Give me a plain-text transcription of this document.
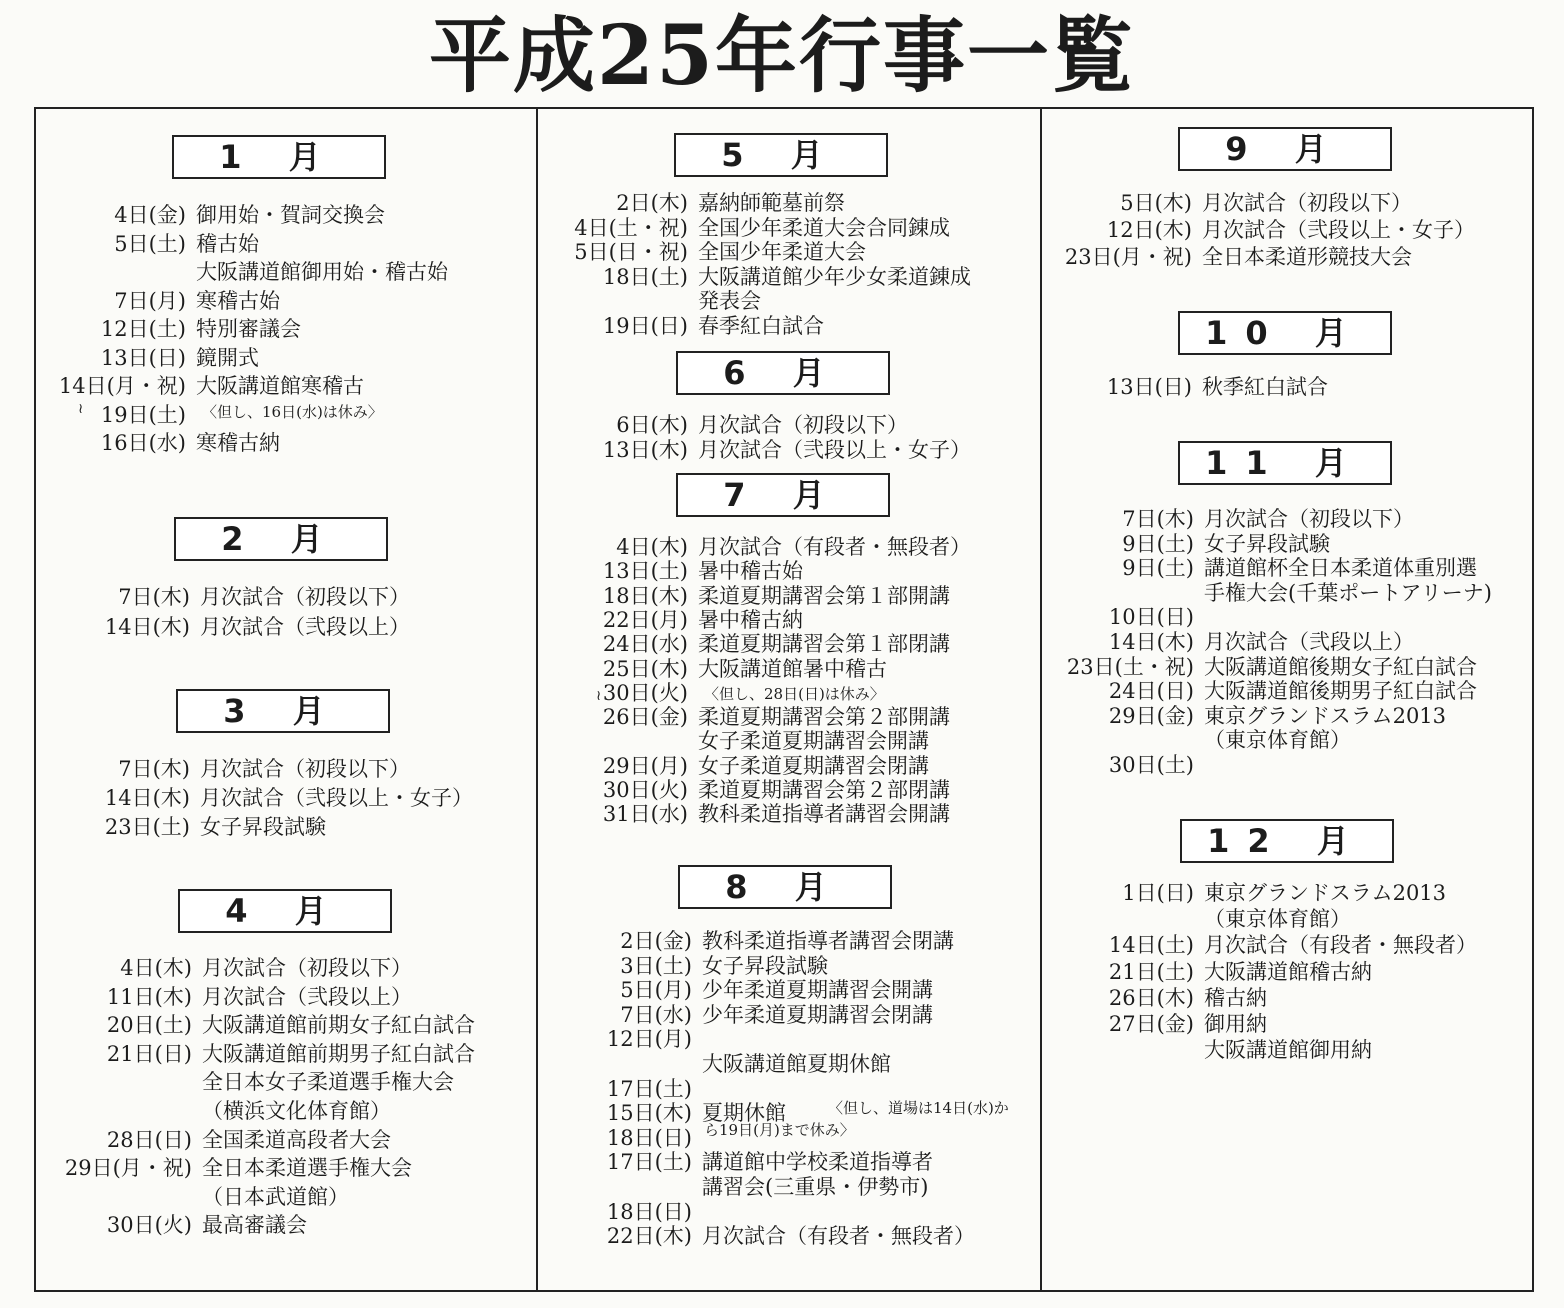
平成25年行事一覧
1 月
4日(金) 御用始・賀詞交換会
5日(土) 稽古始
大阪講道館御用始・稽古始
7日(月) 寒稽古始
12日(土) 特別審議会
13日(日) 鏡開式
14日(月・祝) 大阪講道館寒稽古
19日(土)
16日(水) 寒稽古納
〈但し、16日(水)は休み〉
≀
2 月
7日(木) 月次試合（初段以下）
14日(木) 月次試合（弐段以上）
3 月
7日(木) 月次試合（初段以下）
14日(木) 月次試合（弐段以上・女子）
23日(土) 女子昇段試験
4 月
4日(木) 月次試合（初段以下）
11日(木) 月次試合（弐段以上）
20日(土) 大阪講道館前期女子紅白試合
21日(日) 大阪講道館前期男子紅白試合
全日本女子柔道選手権大会
（横浜文化体育館）
28日(日) 全国柔道高段者大会
29日(月・祝) 全日本柔道選手権大会
（日本武道館）
30日(火) 最高審議会
5 月
2日(木) 嘉納師範墓前祭
4日(土・祝) 全国少年柔道大会合同錬成
5日(日・祝) 全国少年柔道大会
18日(土) 大阪講道館少年少女柔道錬成
発表会
19日(日) 春季紅白試合
6 月
6日(木) 月次試合（初段以下）
13日(木) 月次試合（弐段以上・女子）
7 月
4日(木) 月次試合（有段者・無段者）
13日(土) 暑中稽古始
18日(木) 柔道夏期講習会第１部開講
22日(月) 暑中稽古納
24日(水) 柔道夏期講習会第１部閉講
25日(木) 大阪講道館暑中稽古
30日(火)
26日(金) 柔道夏期講習会第２部開講
女子柔道夏期講習会開講
29日(月) 女子柔道夏期講習会閉講
30日(火) 柔道夏期講習会第２部閉講
31日(水) 教科柔道指導者講習会開講
〈但し、28日(日)は休み〉
≀
8 月
2日(金) 教科柔道指導者講習会閉講
3日(土) 女子昇段試験
5日(月) 少年柔道夏期講習会開講
7日(水) 少年柔道夏期講習会閉講
12日(月)
大阪講道館夏期休館
17日(土)
15日(木) 夏期休館
18日(日)
17日(土) 講道館中学校柔道指導者
講習会(三重県・伊勢市)
18日(日)
22日(木) 月次試合（有段者・無段者）
〈但し、道場は14日(水)か
ら19日(月)まで休み〉
9 月
5日(木) 月次試合（初段以下）
12日(木) 月次試合（弐段以上・女子）
23日(月・祝) 全日本柔道形競技大会
10 月
13日(日) 秋季紅白試合
11 月
7日(木) 月次試合（初段以下）
9日(土) 女子昇段試験
9日(土) 講道館杯全日本柔道体重別選
手権大会(千葉ポートアリーナ)
10日(日)
14日(木) 月次試合（弐段以上）
23日(土・祝) 大阪講道館後期女子紅白試合
24日(日) 大阪講道館後期男子紅白試合
29日(金) 東京グランドスラム2013
（東京体育館）
30日(土)
12 月
1日(日) 東京グランドスラム2013
（東京体育館）
14日(土) 月次試合（有段者・無段者）
21日(土) 大阪講道館稽古納
26日(木) 稽古納
27日(金) 御用納
大阪講道館御用納
